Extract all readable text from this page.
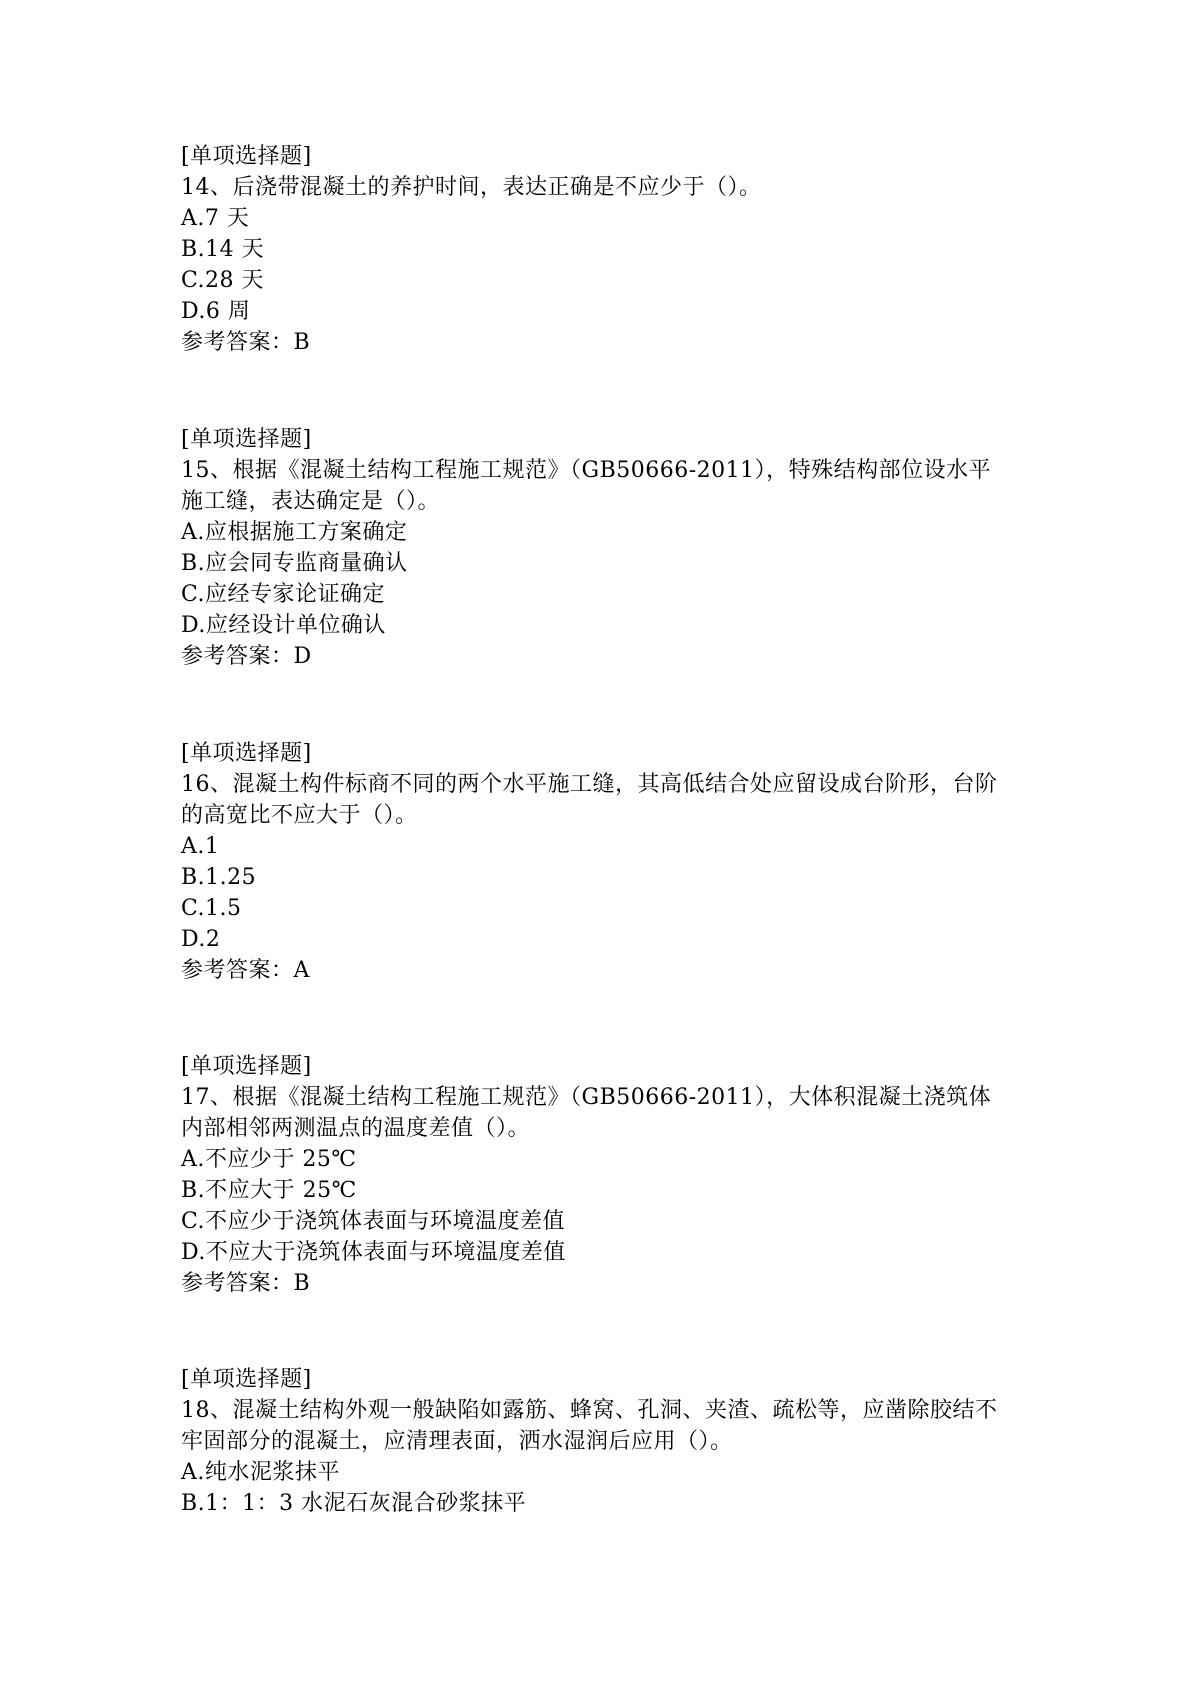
[单项选择题]
14、后浇带混凝土的养护时间，表达正确是不应少于（）。
A.7 天
B.14 天
C.28 天
D.6 周
参考答案：B
[单项选择题]
15、根据《混凝土结构工程施工规范》（GB50666-2011），特殊结构部位设水平施工缝，表达确定是（）。
A.应根据施工方案确定
B.应会同专监商量确认
C.应经专家论证确定
D.应经设计单位确认
参考答案：D
[单项选择题]
16、混凝土构件标商不同的两个水平施工缝，其高低结合处应留设成台阶形，台阶的高宽比不应大于（）。
A.1
B.1.25
C.1.5
D.2
参考答案：A
[单项选择题]
17、根据《混凝土结构工程施工规范》（GB50666-2011），大体积混凝土浇筑体内部相邻两测温点的温度差值（）。
A.不应少于 25℃
B.不应大于 25℃
C.不应少于浇筑体表面与环境温度差值
D.不应大于浇筑体表面与环境温度差值
参考答案：B
[单项选择题]
18、混凝土结构外观一般缺陷如露筋、蜂窝、孔洞、夹渣、疏松等，应凿除胶结不牢固部分的混凝土，应清理表面，洒水湿润后应用（）。
A.纯水泥浆抹平
B.1：1：3 水泥石灰混合砂浆抹平
